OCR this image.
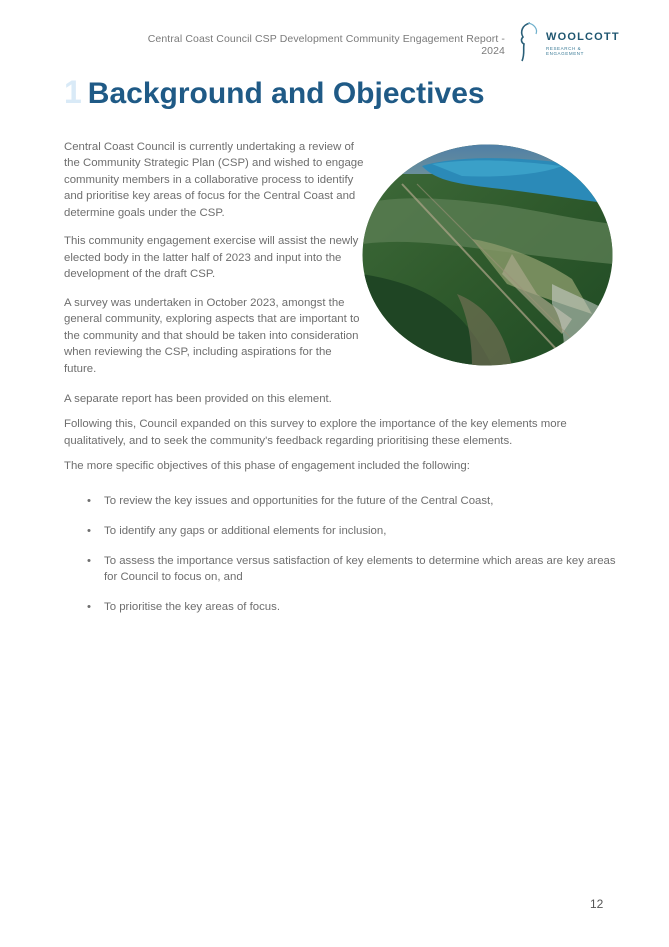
Central Coast Council CSP Development Community Engagement Report - 2024
WOOLCOTT
RESEARCH & ENGAGEMENT
1 Background and Objectives

Central Coast Council is currently undertaking a review of the Community Strategic Plan (CSP) and wished to engage community members in a collaborative process to identify and prioritise key areas of focus for the Central Coast and determine goals under the CSP.

This community engagement exercise will assist the newly elected body in the latter half of 2023 and input into the development of the draft CSP.

A survey was undertaken in October 2023, amongst the general community, exploring aspects that are important to the community and that should be taken into consideration when reviewing the CSP, including aspirations for the future.

A separate report has been provided on this element.

Following this, Council expanded on this survey to explore the importance of the key elements more qualitatively, and to seek the community's feedback regarding prioritising these elements.

The more specific objectives of this phase of engagement included the following:

• To review the key issues and opportunities for the future of the Central Coast,
• To identify any gaps or additional elements for inclusion,
• To assess the importance versus satisfaction of key elements to determine which areas are key areas for Council to focus on, and
• To prioritise the key areas of focus.
12
